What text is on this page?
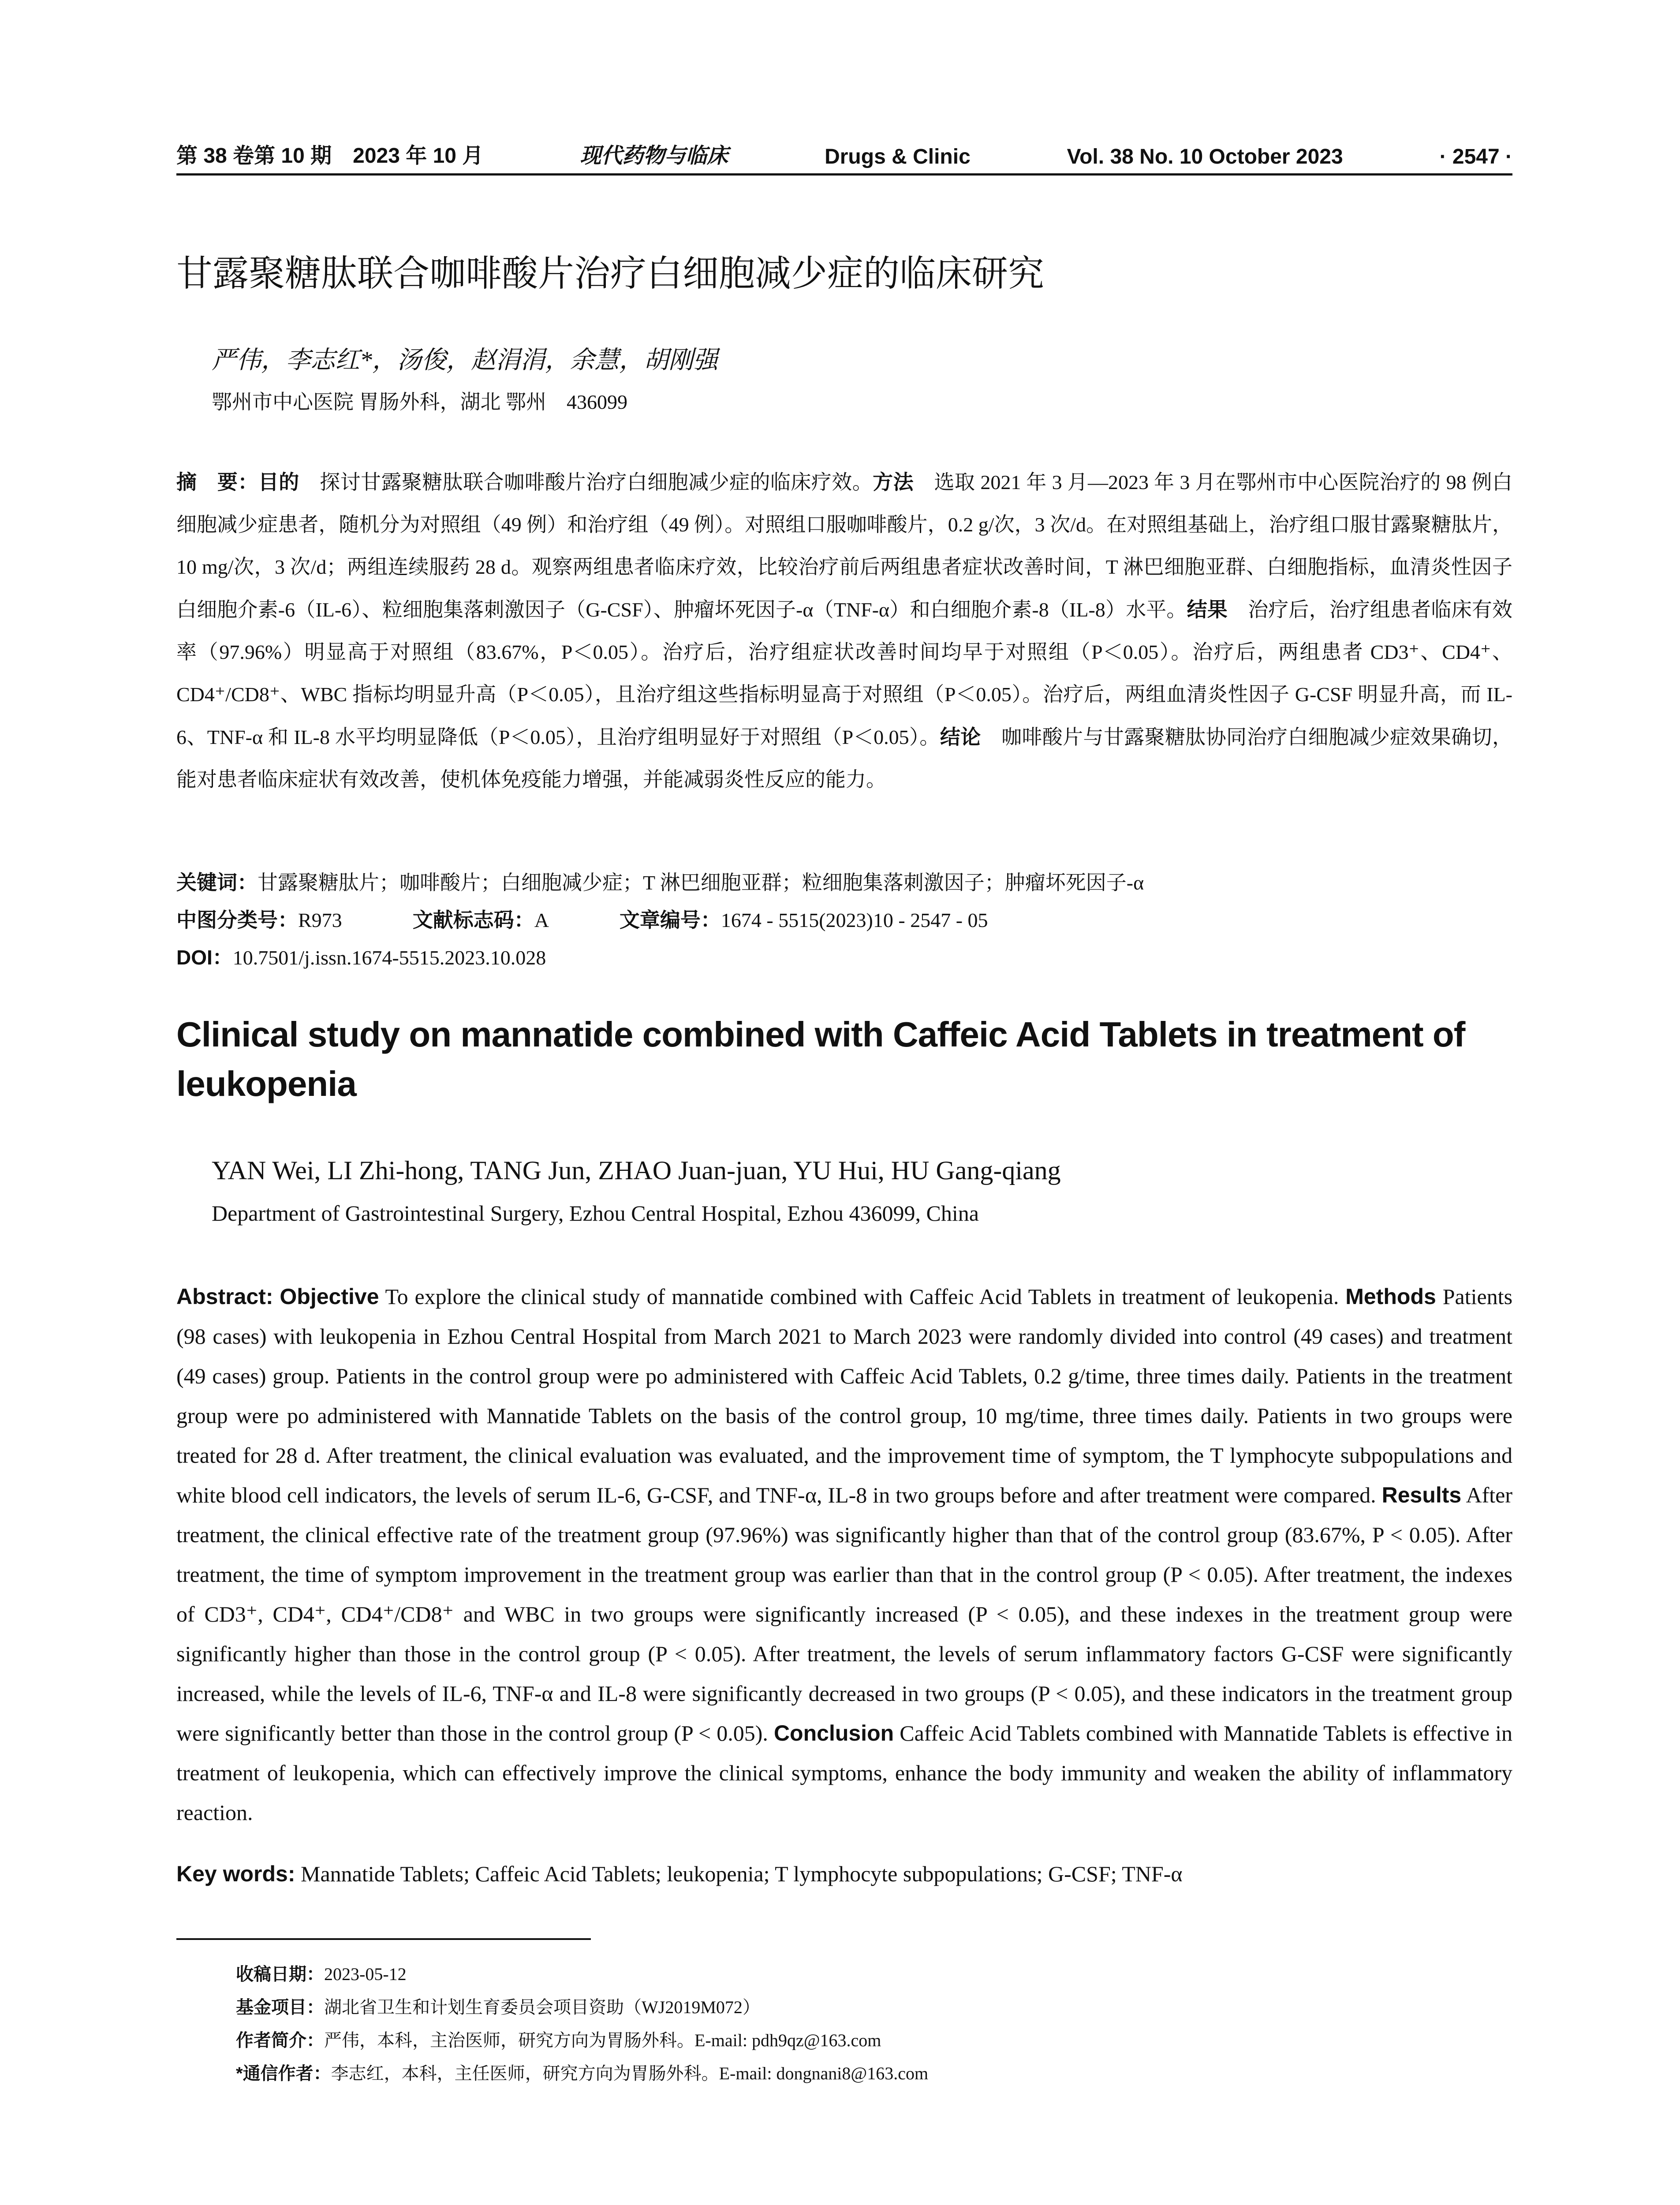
第 38 卷第 10 期　2023 年 10 月	现代药物与临床	Drugs & Clinic	Vol. 38 No. 10 October 2023	· 2547 ·
甘露聚糖肽联合咖啡酸片治疗白细胞减少症的临床研究
严伟，李志红*，汤俊，赵涓涓，余慧，胡刚强
鄂州市中心医院 胃肠外科，湖北 鄂州　436099
摘　要：目的　探讨甘露聚糖肽联合咖啡酸片治疗白细胞减少症的临床疗效。方法　选取 2021 年 3 月—2023 年 3 月在鄂州市中心医院治疗的 98 例白细胞减少症患者，随机分为对照组（49 例）和治疗组（49 例）。对照组口服咖啡酸片，0.2 g/次，3 次/d。在对照组基础上，治疗组口服甘露聚糖肽片，10 mg/次，3 次/d；两组连续服药 28 d。观察两组患者临床疗效，比较治疗前后两组患者症状改善时间，T 淋巴细胞亚群、白细胞指标，血清炎性因子白细胞介素-6（IL-6）、粒细胞集落刺激因子（G-CSF）、肿瘤坏死因子-α（TNF-α）和白细胞介素-8（IL-8）水平。结果　治疗后，治疗组患者临床有效率（97.96%）明显高于对照组（83.67%，P＜0.05）。治疗后，治疗组症状改善时间均早于对照组（P＜0.05）。治疗后，两组患者 CD3⁺、CD4⁺、CD4⁺/CD8⁺、WBC 指标均明显升高（P＜0.05），且治疗组这些指标明显高于对照组（P＜0.05）。治疗后，两组血清炎性因子 G-CSF 明显升高，而 IL-6、TNF-α 和 IL-8 水平均明显降低（P＜0.05），且治疗组明显好于对照组（P＜0.05）。结论　咖啡酸片与甘露聚糖肽协同治疗白细胞减少症效果确切，能对患者临床症状有效改善，使机体免疫能力增强，并能减弱炎性反应的能力。
关键词：甘露聚糖肽片；咖啡酸片；白细胞减少症；T 淋巴细胞亚群；粒细胞集落刺激因子；肿瘤坏死因子-α
中图分类号：R973	文献标志码：A	文章编号：1674 - 5515(2023)10 - 2547 - 05
DOI：10.7501/j.issn.1674-5515.2023.10.028
Clinical study on mannatide combined with Caffeic Acid Tablets in treatment of leukopenia
YAN Wei, LI Zhi-hong, TANG Jun, ZHAO Juan-juan, YU Hui, HU Gang-qiang
Department of Gastrointestinal Surgery, Ezhou Central Hospital, Ezhou 436099, China
Abstract: Objective To explore the clinical study of mannatide combined with Caffeic Acid Tablets in treatment of leukopenia. Methods Patients (98 cases) with leukopenia in Ezhou Central Hospital from March 2021 to March 2023 were randomly divided into control (49 cases) and treatment (49 cases) group. Patients in the control group were po administered with Caffeic Acid Tablets, 0.2 g/time, three times daily. Patients in the treatment group were po administered with Mannatide Tablets on the basis of the control group, 10 mg/time, three times daily. Patients in two groups were treated for 28 d. After treatment, the clinical evaluation was evaluated, and the improvement time of symptom, the T lymphocyte subpopulations and white blood cell indicators, the levels of serum IL-6, G-CSF, and TNF-α, IL-8 in two groups before and after treatment were compared. Results After treatment, the clinical effective rate of the treatment group (97.96%) was significantly higher than that of the control group (83.67%, P < 0.05). After treatment, the time of symptom improvement in the treatment group was earlier than that in the control group (P < 0.05). After treatment, the indexes of CD3⁺, CD4⁺, CD4⁺/CD8⁺ and WBC in two groups were significantly increased (P < 0.05), and these indexes in the treatment group were significantly higher than those in the control group (P < 0.05). After treatment, the levels of serum inflammatory factors G-CSF were significantly increased, while the levels of IL-6, TNF-α and IL-8 were significantly decreased in two groups (P < 0.05), and these indicators in the treatment group were significantly better than those in the control group (P < 0.05). Conclusion Caffeic Acid Tablets combined with Mannatide Tablets is effective in treatment of leukopenia, which can effectively improve the clinical symptoms, enhance the body immunity and weaken the ability of inflammatory reaction.
Key words: Mannatide Tablets; Caffeic Acid Tablets; leukopenia; T lymphocyte subpopulations; G-CSF; TNF-α
收稿日期：2023-05-12
基金项目：湖北省卫生和计划生育委员会项目资助（WJ2019M072）
作者简介：严伟，本科，主治医师，研究方向为胃肠外科。E-mail: pdh9qz@163.com
*通信作者：李志红，本科，主任医师，研究方向为胃肠外科。E-mail: dongnani8@163.com
